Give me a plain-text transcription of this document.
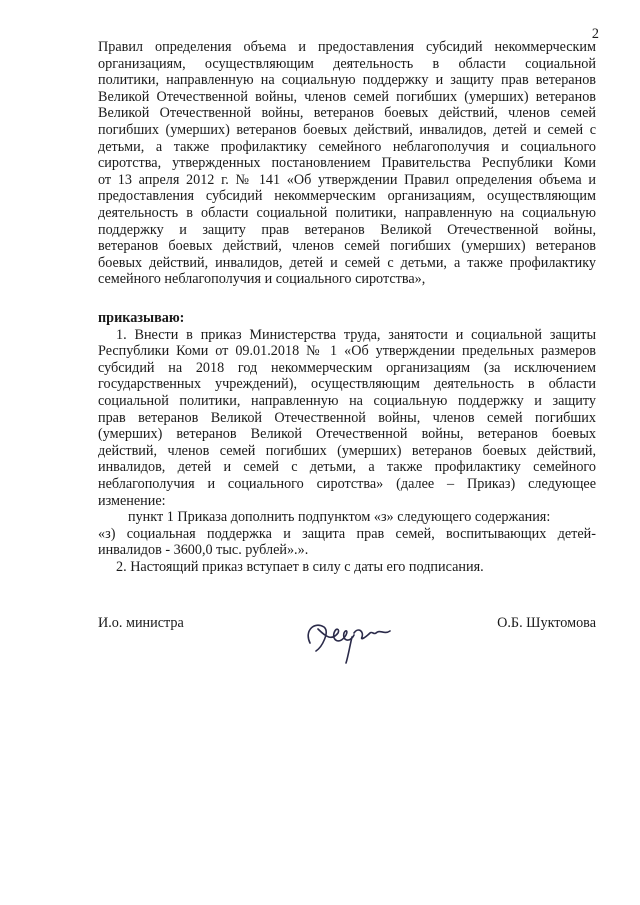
2
Правил определения объема и предоставления субсидий некоммерческим
организациям, осуществляющим деятельность в области социальной
политики, направленную на социальную поддержку и защиту прав ветеранов
Великой Отечественной войны, членов семей погибших (умерших) ветеранов
Великой Отечественной войны, ветеранов боевых действий, членов семей
погибших (умерших) ветеранов боевых действий, инвалидов, детей и семей с
детьми, а также профилактику семейного неблагополучия и социального
сиротства, утвержденных постановлением Правительства Республики Коми
от 13 апреля 2012 г. № 141 «Об утверждении Правил определения объема и
предоставления субсидий некоммерческим организациям, осуществляющим
деятельность в области социальной политики, направленную на социальную
поддержку и защиту прав ветеранов Великой Отечественной войны,
ветеранов боевых действий, членов семей погибших (умерших) ветеранов
боевых действий, инвалидов, детей и семей с детьми, а также профилактику
семейного неблагополучия и социального сиротства»,
приказываю:
1. Внести в приказ Министерства труда, занятости и социальной защиты
Республики Коми от 09.01.2018 № 1 «Об утверждении предельных размеров
субсидий на 2018 год некоммерческим организациям (за исключением
государственных учреждений), осуществляющим деятельность в области
социальной политики, направленную на социальную поддержку и защиту
прав ветеранов Великой Отечественной войны, членов семей погибших
(умерших) ветеранов Великой Отечественной войны, ветеранов боевых
действий, членов семей погибших (умерших) ветеранов боевых действий,
инвалидов, детей и семей с детьми, а также профилактику семейного
неблагополучия и социального сиротства» (далее – Приказ) следующее
изменение:
пункт 1 Приказа дополнить подпунктом «з» следующего содержания:
«з) социальная поддержка и защита прав семей, воспитывающих детей-
инвалидов - 3600,0 тыс. рублей».».
2. Настоящий приказ вступает в силу с даты его подписания.
И.о. министра	О.Б. Шуктомова
